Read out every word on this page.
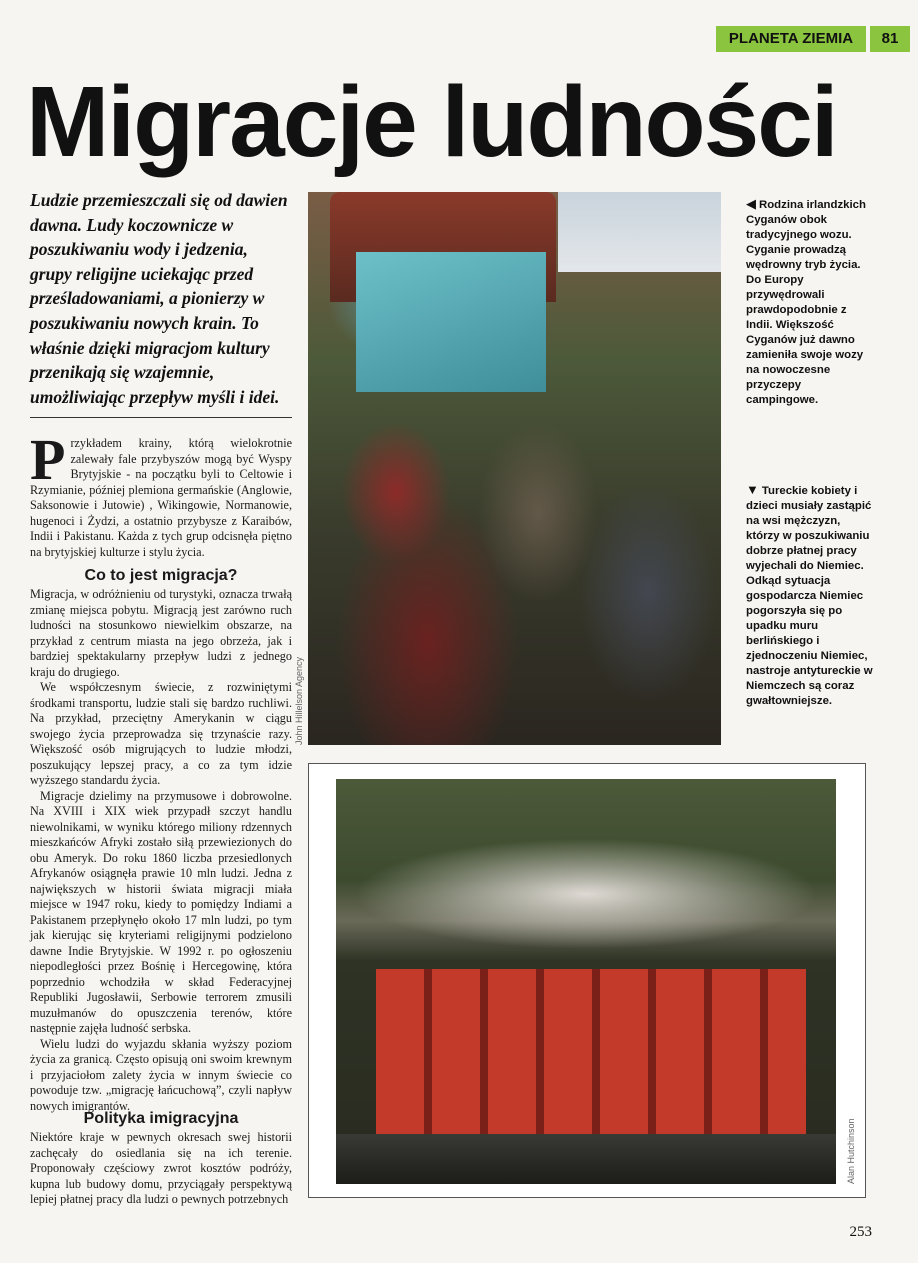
PLANETA ZIEMIA	81
Migracje ludności

Ludzie przemieszczali się od dawien dawna. Ludy koczownicze w poszukiwaniu wody i jedzenia, grupy religijne uciekając przed prześladowaniami, a pionierzy w poszukiwaniu nowych krain. To właśnie dzięki migracjom kultury przenikają się wzajemnie, umożliwiając przepływ myśli i idei.

Przykładem krainy, którą wielokrotnie zalewały fale przybyszów mogą być Wyspy Brytyjskie - na początku byli to Celtowie i Rzymianie, później plemiona germańskie (Anglowie, Saksonowie i Jutowie) , Wikingowie, Normanowie, hugenoci i Żydzi, a ostatnio przybysze z Karaibów, Indii i Pakistanu. Każda z tych grup odcisnęła piętno na brytyjskiej kulturze i stylu życia.

Co to jest migracja?

Migracja, w odróżnieniu od turystyki, oznacza trwałą zmianę miejsca pobytu. Migracją jest zarówno ruch ludności na stosunkowo niewielkim obszarze, na przykład z centrum miasta na jego obrzeża, jak i bardziej spektakularny przepływ ludzi z jednego kraju do drugiego.

We współczesnym świecie, z rozwiniętymi środkami transportu, ludzie stali się bardzo ruchliwi. Na przykład, przeciętny Amerykanin w ciągu swojego życia przeprowadza się trzynaście razy. Większość osób migrujących to ludzie młodzi, poszukujący lepszej pracy, a co za tym idzie wyższego standardu życia.

Migracje dzielimy na przymusowe i dobrowolne. Na XVIII i XIX wiek przypadł szczyt handlu niewolnikami, w wyniku którego miliony rdzennych mieszkańców Afryki zostało siłą przewiezionych do obu Ameryk. Do roku 1860 liczba przesiedlonych Afrykanów osiągnęła prawie 10 mln ludzi. Jedna z największych w historii świata migracji miała miejsce w 1947 roku, kiedy to pomiędzy Indiami a Pakistanem przepłynęło około 17 mln ludzi, po tym jak kierując się kryteriami religijnymi podzielono dawne Indie Brytyjskie. W 1992 r. po ogłoszeniu niepodległości przez Bośnię i Hercegowinę, która poprzednio wchodziła w skład Federacyjnej Republiki Jugosławii, Serbowie terrorem zmusili muzułmanów do opuszczenia terenów, które następnie zajęła ludność serbska.

Wielu ludzi do wyjazdu skłania wyższy poziom życia za granicą. Często opisują oni swoim krewnym i przyjaciołom zalety życia w innym świecie co powoduje tzw. „migrację łańcuchową”, czyli napływ nowych imigrantów.

Polityka imigracyjna

Niektóre kraje w pewnych okresach swej historii zachęcały do osiedlania się na ich terenie. Proponowały częściowy zwrot kosztów podróży, kupna lub budowy domu, przyciągały perspektywą lepiej płatnej pracy dla ludzi o pewnych potrzebnych

John Hillelson Agency
Alan Hutchinson

◀ Rodzina irlandzkich Cyganów obok tradycyjnego wozu. Cyganie prowadzą wędrowny tryb życia. Do Europy przywędrowali prawdopodobnie z Indii. Większość Cyganów już dawno zamieniła swoje wozy na nowoczesne przyczepy campingowe.

▼ Tureckie kobiety i dzieci musiały zastąpić na wsi mężczyzn, którzy w poszukiwaniu dobrze płatnej pracy wyjechali do Niemiec. Odkąd sytuacja gospodarcza Niemiec pogorszyła się po upadku muru berlińskiego i zjednoczeniu Niemiec, nastroje antytureckie w Niemczech są coraz gwałtowniejsze.

253
